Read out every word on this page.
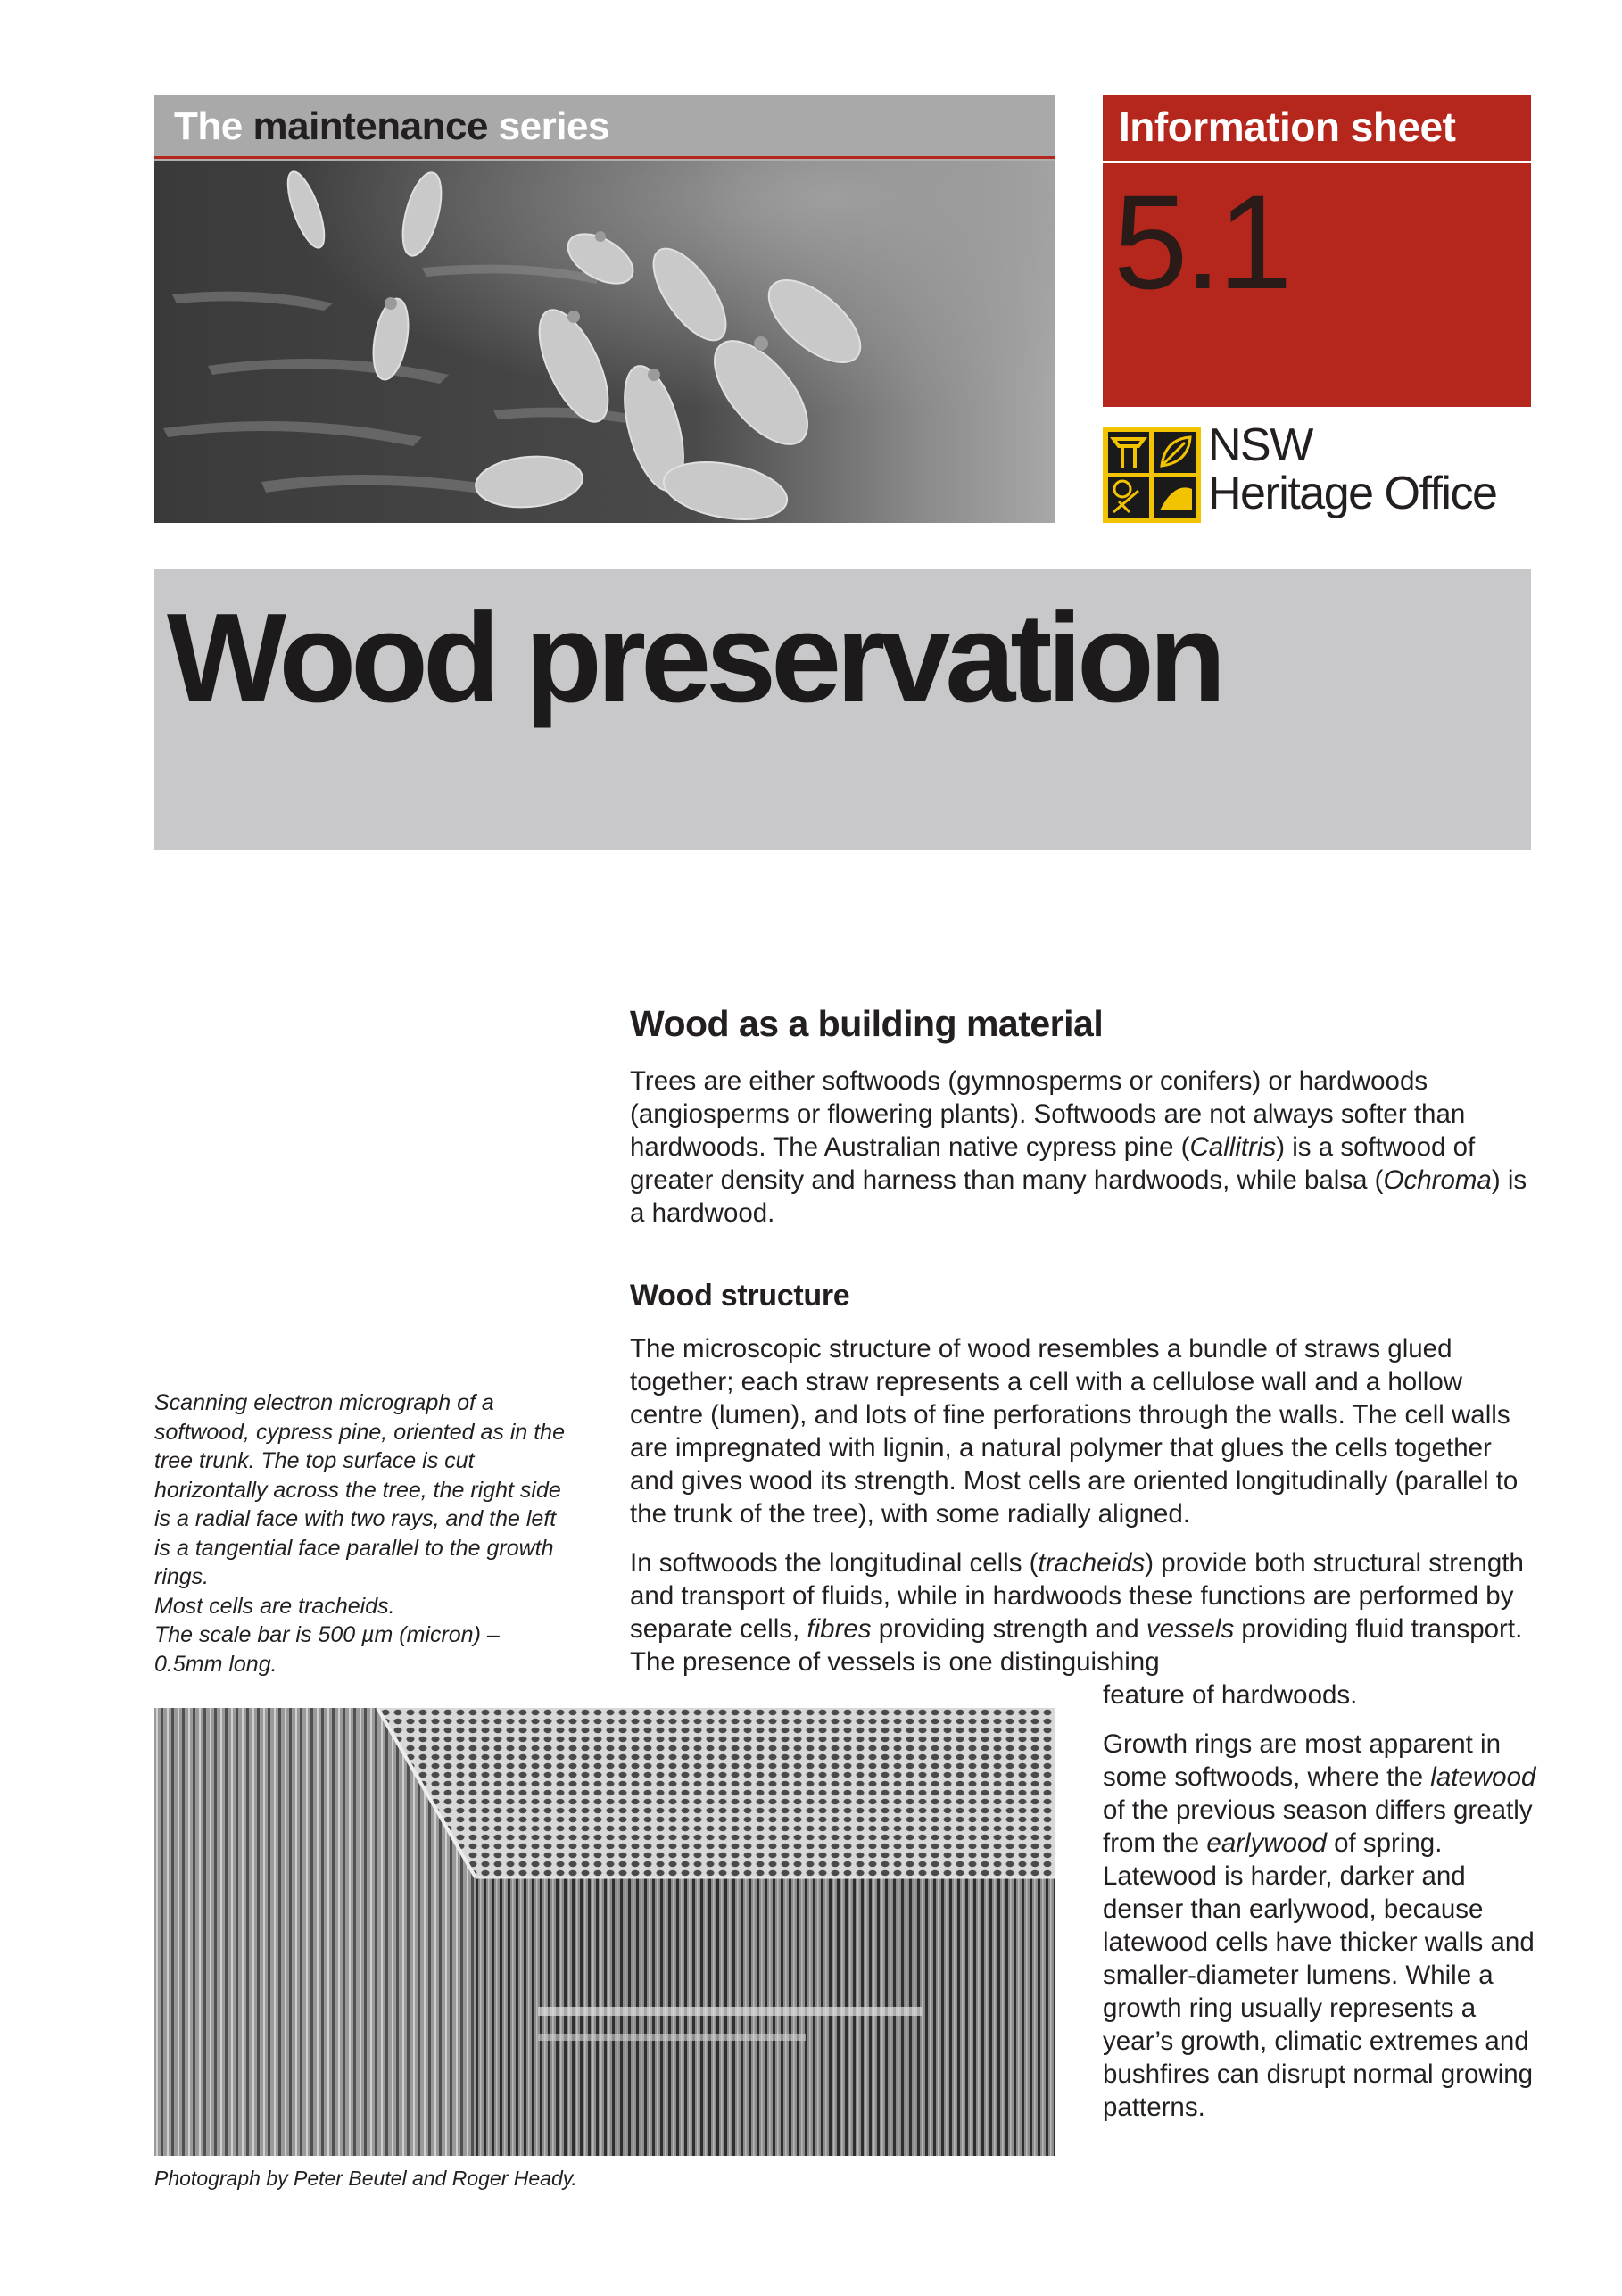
The maintenance series	Information sheet
5.1
NSW
Heritage Office
Wood preservation
Wood as a building material

Trees are either softwoods (gymnosperms or conifers) or hardwoods (angiosperms or flowering plants). Softwoods are not always softer than hardwoods. The Australian native cypress pine (Callitris) is a softwood of greater density and harness than many hardwoods, while balsa (Ochroma) is a hardwood.

Wood structure

The microscopic structure of wood resembles a bundle of straws glued together; each straw represents a cell with a cellulose wall and a hollow centre (lumen), and lots of fine perforations through the walls. The cell walls are impregnated with lignin, a natural polymer that glues the cells together and gives wood its strength. Most cells are oriented longitudinally (parallel to the trunk of the tree), with some radially aligned.

In softwoods the longitudinal cells (tracheids) provide both structural strength and transport of fluids, while in hardwoods these functions are performed by separate cells, fibres providing strength and vessels providing fluid transport. The presence of vessels is one distinguishing

feature of hardwoods.

Growth rings are most apparent in some softwoods, where the latewood of the previous season differs greatly from the earlywood of spring. Latewood is harder, darker and denser than earlywood, because latewood cells have thicker walls and smaller-diameter lumens. While a growth ring usually represents a year’s growth, climatic extremes and bushfires can disrupt normal growing patterns.

Scanning electron micrograph of a softwood, cypress pine, oriented as in the tree trunk. The top surface is cut horizontally across the tree, the right side is a radial face with two rays, and the left is a tangential face parallel to the growth rings.
Most cells are tracheids.
The scale bar is 500 µm (micron) – 0.5mm long.
Photograph by Peter Beutel and Roger Heady.
